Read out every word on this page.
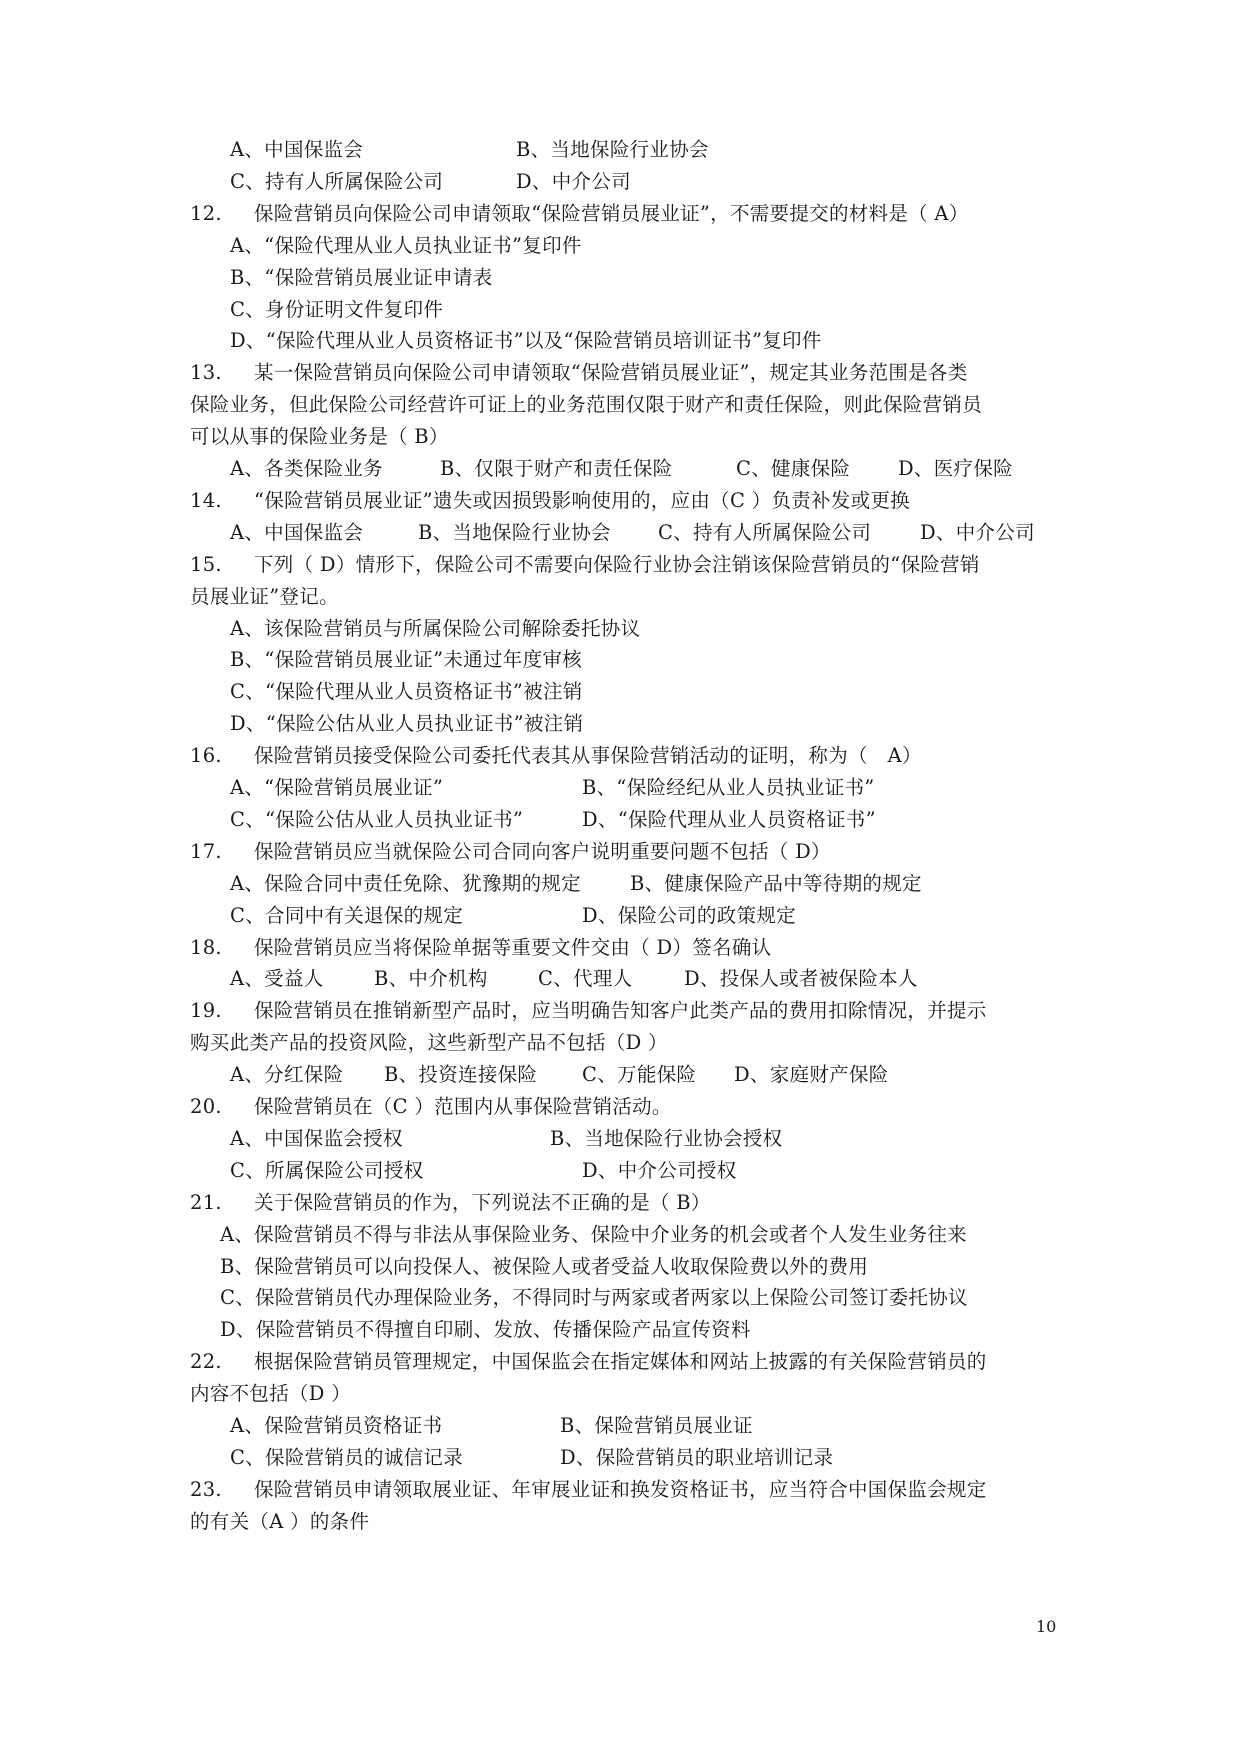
A、中国保监会	B、当地保险行业协会
C、持有人所属保险公司	D、中介公司
12. 保险营销员向保险公司申请领取“保险营销员展业证”，不需要提交的材料是（ A）
A、“保险代理从业人员执业证书”复印件
B、“保险营销员展业证申请表
C、身份证明文件复印件
D、“保险代理从业人员资格证书”以及“保险营销员培训证书”复印件
13. 某一保险营销员向保险公司申请领取“保险营销员展业证”，规定其业务范围是各类
保险业务，但此保险公司经营许可证上的业务范围仅限于财产和责任保险，则此保险营销员
可以从事的保险业务是（ B）
A、各类保险业务	B、仅限于财产和责任保险	C、健康保险 D、医疗保险
14. “保险营销员展业证”遗失或因损毁影响使用的，应由（C ）负责补发或更换
A、中国保监会	B、当地保险行业协会 C、持有人所属保险公司	D、中介公司
15. 下列（ D）情形下，保险公司不需要向保险行业协会注销该保险营销员的“保险营销
员展业证”登记。
A、该保险营销员与所属保险公司解除委托协议
B、“保险营销员展业证”未通过年度审核
C、“保险代理从业人员资格证书”被注销
D、“保险公估从业人员执业证书”被注销
16. 保险营销员接受保险公司委托代表其从事保险营销活动的证明，称为（　A）
A、“保险营销员展业证”	B、“保险经纪从业人员执业证书”
C、“保险公估从业人员执业证书”	D、“保险代理从业人员资格证书”
17. 保险营销员应当就保险公司合同向客户说明重要问题不包括（ D）
A、保险合同中责任免除、犹豫期的规定	B、健康保险产品中等待期的规定
C、合同中有关退保的规定	D、保险公司的政策规定
18. 保险营销员应当将保险单据等重要文件交由（ D）签名确认
A、受益人	B、中介机构	C、代理人	D、投保人或者被保险本人
19. 保险营销员在推销新型产品时，应当明确告知客户此类产品的费用扣除情况，并提示
购买此类产品的投资风险，这些新型产品不包括（D ）
A、分红保险 B、投资连接保险 C、万能保险 D、家庭财产保险
20. 保险营销员在（C ）范围内从事保险营销活动。
A、中国保监会授权	B、当地保险行业协会授权
C、所属保险公司授权	D、中介公司授权
21. 关于保险营销员的作为，下列说法不正确的是（ B）
A、保险营销员不得与非法从事保险业务、保险中介业务的机会或者个人发生业务往来
B、保险营销员可以向投保人、被保险人或者受益人收取保险费以外的费用
C、保险营销员代办理保险业务，不得同时与两家或者两家以上保险公司签订委托协议
D、保险营销员不得擅自印刷、发放、传播保险产品宣传资料
22. 根据保险营销员管理规定，中国保监会在指定媒体和网站上披露的有关保险营销员的
内容不包括（D ）
A、保险营销员资格证书	B、保险营销员展业证
C、保险营销员的诚信记录	D、保险营销员的职业培训记录
23. 保险营销员申请领取展业证、年审展业证和换发资格证书，应当符合中国保监会规定
的有关（A ）的条件
10
